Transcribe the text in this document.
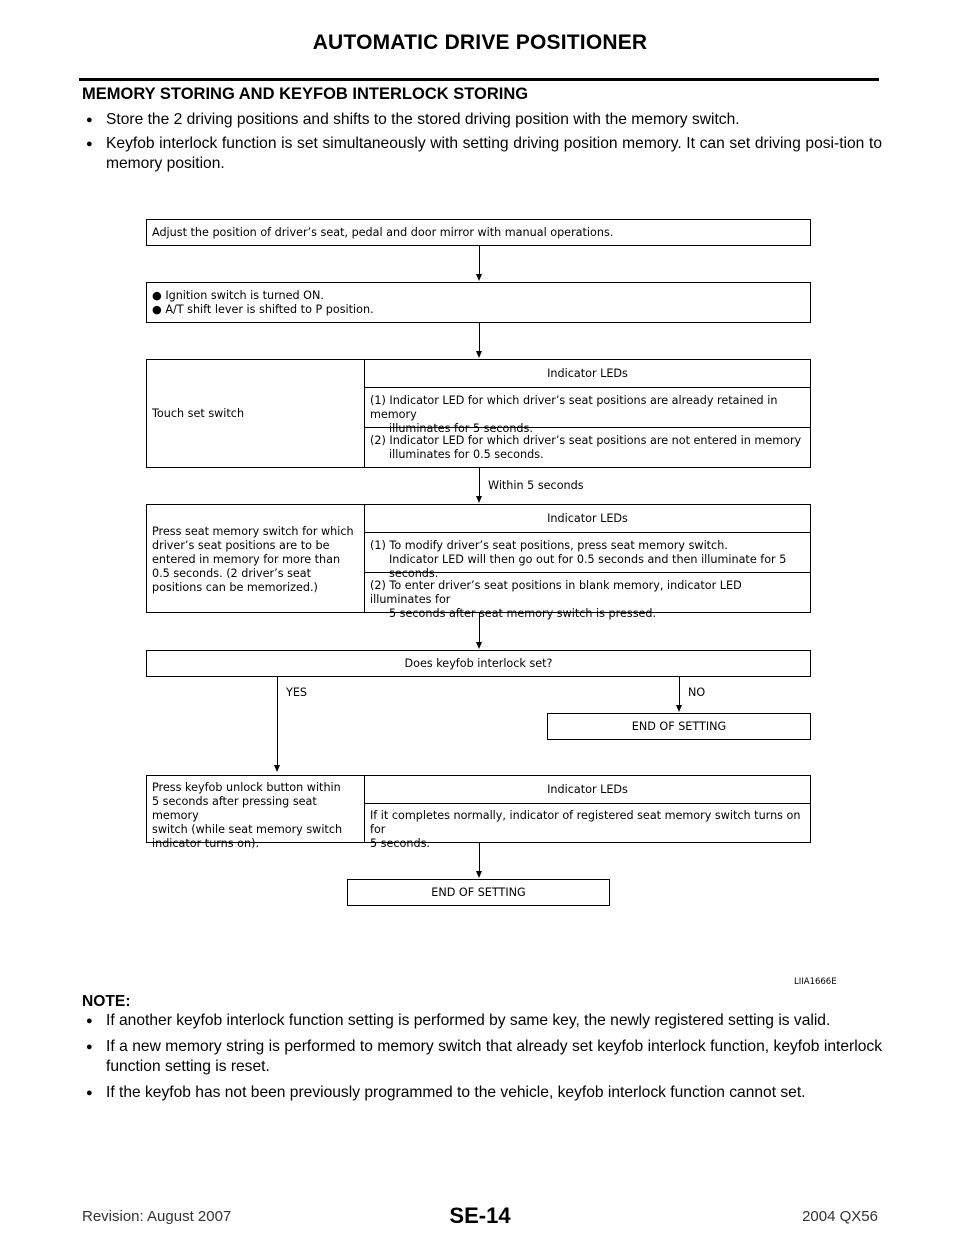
AUTOMATIC DRIVE POSITIONER
MEMORY STORING AND KEYFOB INTERLOCK STORING
● Store the 2 driving positions and shifts to the stored driving position with the memory switch.
● Keyfob interlock function is set simultaneously with setting driving position memory. It can set driving posi-tion to memory position.
Adjust the position of driver’s seat, pedal and door mirror with manual operations.
● Ignition switch is turned ON.
● A/T shift lever is shifted to P position.
Touch set switch
Indicator LEDs
(1) Indicator LED for which driver’s seat positions are already retained in memory
illuminates for 5 seconds.
(2) Indicator LED for which driver’s seat positions are not entered in memory
illuminates for 0.5 seconds.
Within 5 seconds
Press seat memory switch for which
driver’s seat positions are to be
entered in memory for more than
0.5 seconds. (2 driver’s seat
positions can be memorized.)
Indicator LEDs
(1) To modify driver’s seat positions, press seat memory switch.
Indicator LED will then go out for 0.5 seconds and then illuminate for 5 seconds.
(2) To enter driver’s seat positions in blank memory, indicator LED illuminates for
5 seconds after seat memory switch is pressed.
Does keyfob interlock set?
YES	NO
END OF SETTING
Press keyfob unlock button within
5 seconds after pressing seat memory
switch (while seat memory switch
indicator turns on).
Indicator LEDs
If it completes normally, indicator of registered seat memory switch turns on for
5 seconds.
END OF SETTING
LIIA1666E
NOTE:
● If another keyfob interlock function setting is performed by same key, the newly registered setting is valid.
● If a new memory string is performed to memory switch that already set keyfob interlock function, keyfob interlock function setting is reset.
● If the keyfob has not been previously programmed to the vehicle, keyfob interlock function cannot set.
Revision: August 2007	SE-14	2004 QX56
